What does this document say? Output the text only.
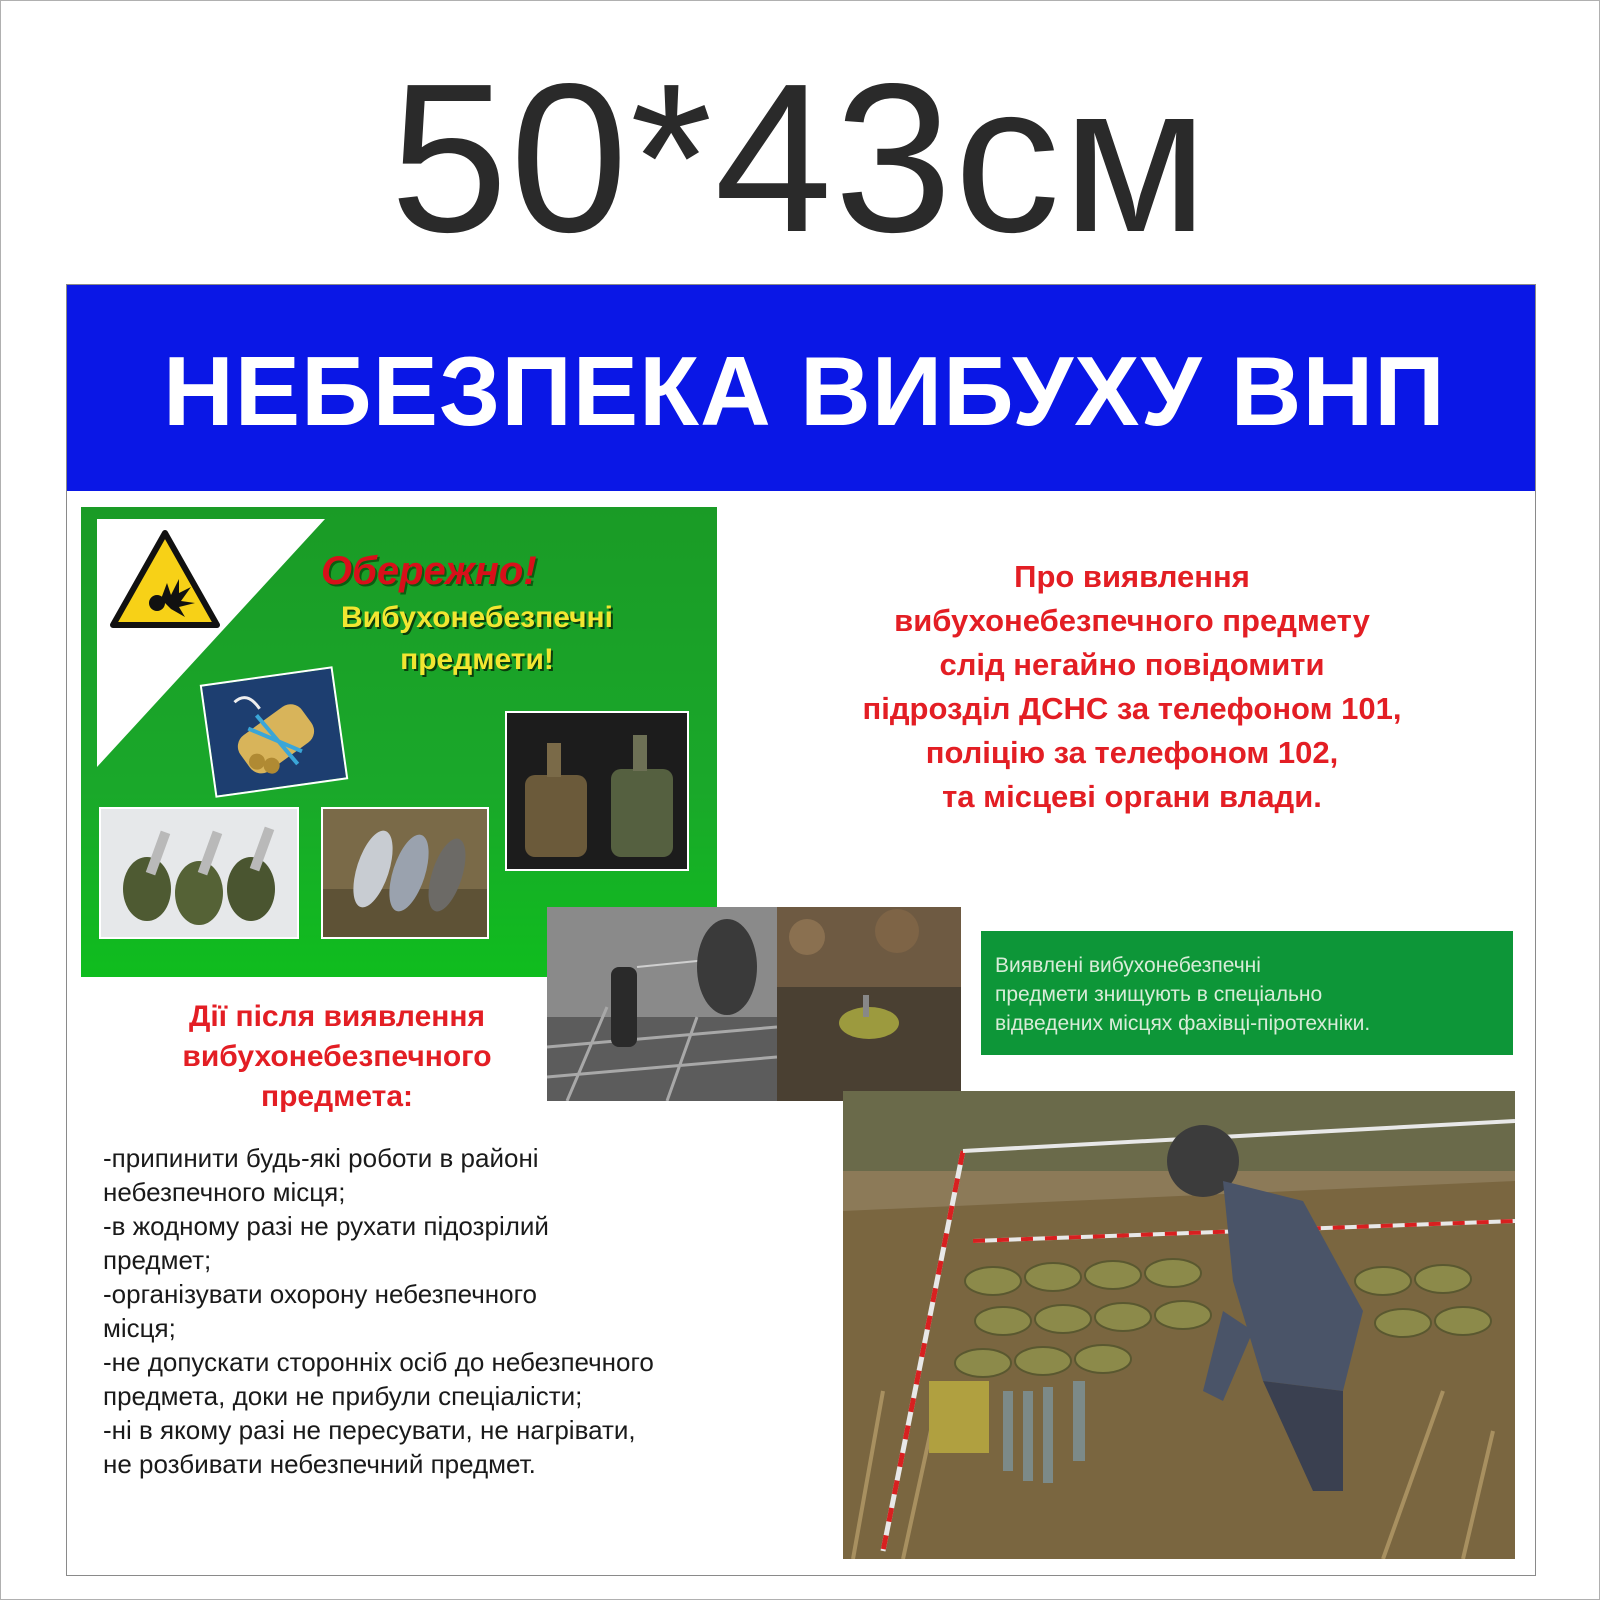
50*43см
НЕБЕЗПЕКА ВИБУХУ ВНП
Обережно!
Вибухонебезпечні
предмети!
Про виявлення
вибухонебезпечного предмету
слід негайно повідомити
підрозділ ДСНС за телефоном 101,
поліцію за телефоном 102,
та місцеві органи влади.
Виявлені вибухонебезпечні
предмети знищують в спеціально
відведених місцях фахівці-піротехніки.
Дії після виявлення
вибухонебезпечного
предмета:
-припинити будь-які роботи в районі
небезпечного місця;
-в жодному разі не рухати підозрілий
предмет;
-організувати охорону небезпечного
місця;
-не допускати сторонніх осіб до небезпечного
предмета, доки не прибули спеціалісти;
-ні в якому разі не пересувати, не нагрівати,
не розбивати небезпечний предмет.
